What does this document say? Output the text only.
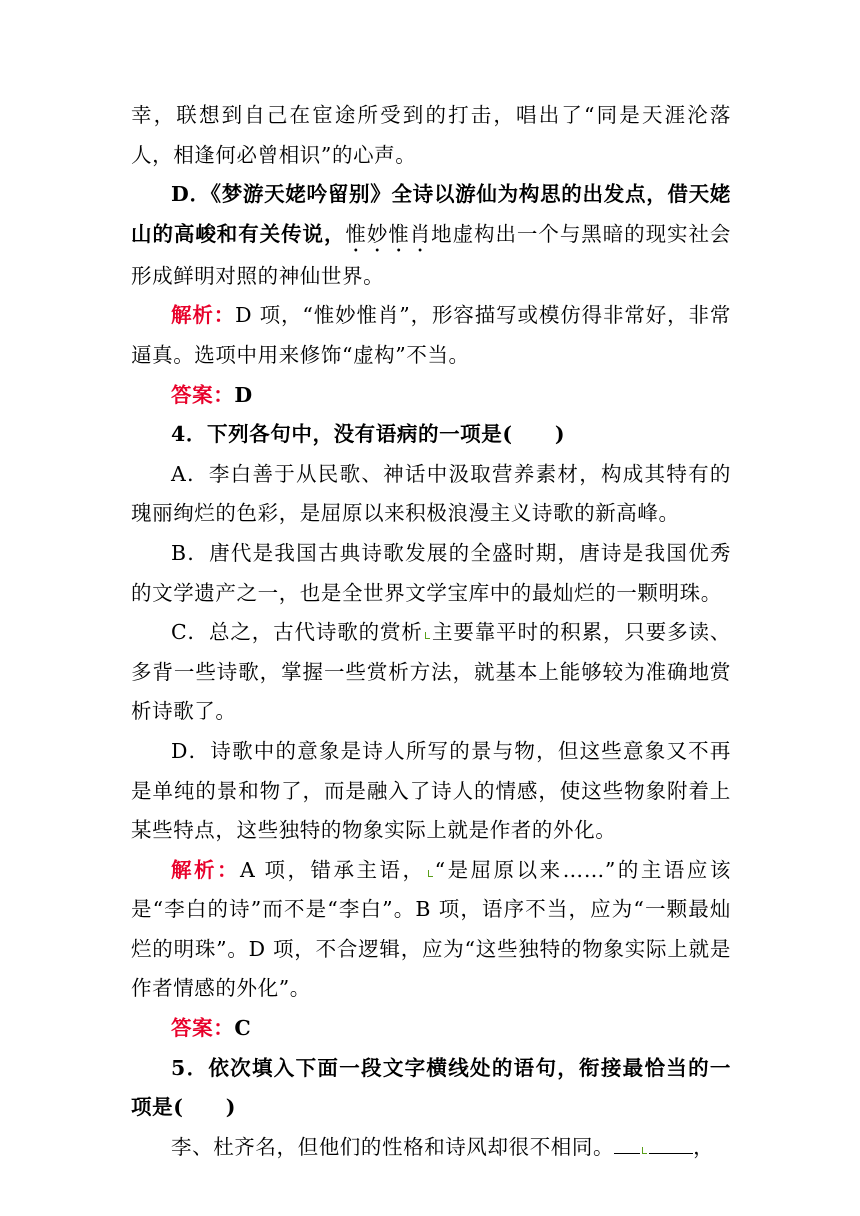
幸，联想到自己在宦途所受到的打击，唱出了“同是天涯沦落人，相逢何必曾相识”的心声。

D．《梦游天姥吟留别》全诗以游仙为构思的出发点，借天姥山的高峻和有关传说，惟妙惟肖地虚构出一个与黑暗的现实社会形成鲜明对照的神仙世界。

解析：D 项，“惟妙惟肖”，形容描写或模仿得非常好，非常逼真。选项中用来修饰“虚构”不当。

答案：D

4．下列各句中，没有语病的一项是(　　)

A．李白善于从民歌、神话中汲取营养素材，构成其特有的瑰丽绚烂的色彩，是屈原以来积极浪漫主义诗歌的新高峰。

B．唐代是我国古典诗歌发展的全盛时期，唐诗是我国优秀的文学遗产之一，也是全世界文学宝库中的最灿烂的一颗明珠。

C．总之，古代诗歌的赏析 主要靠平时的积累，只要多读、多背一些诗歌，掌握一些赏析方法，就基本上能够较为准确地赏析诗歌了。

D．诗歌中的意象是诗人所写的景与物，但这些意象又不再是单纯的景和物了，而是融入了诗人的情感，使这些物象附着上某些特点，这些独特的物象实际上就是作者的外化。

解析：A 项，错承主语， “是屈原以来……”的主语应该是“李白的诗”而不是“李白”。B 项，语序不当，应为“一颗最灿烂的明珠”。D 项，不合逻辑，应为“这些独特的物象实际上就是作者情感的外化”。

答案：C

5．依次填入下面一段文字横线处的语句，衔接最恰当的一项是(　　)

李、杜齐名，但他们的性格和诗风却很不相同。	，
